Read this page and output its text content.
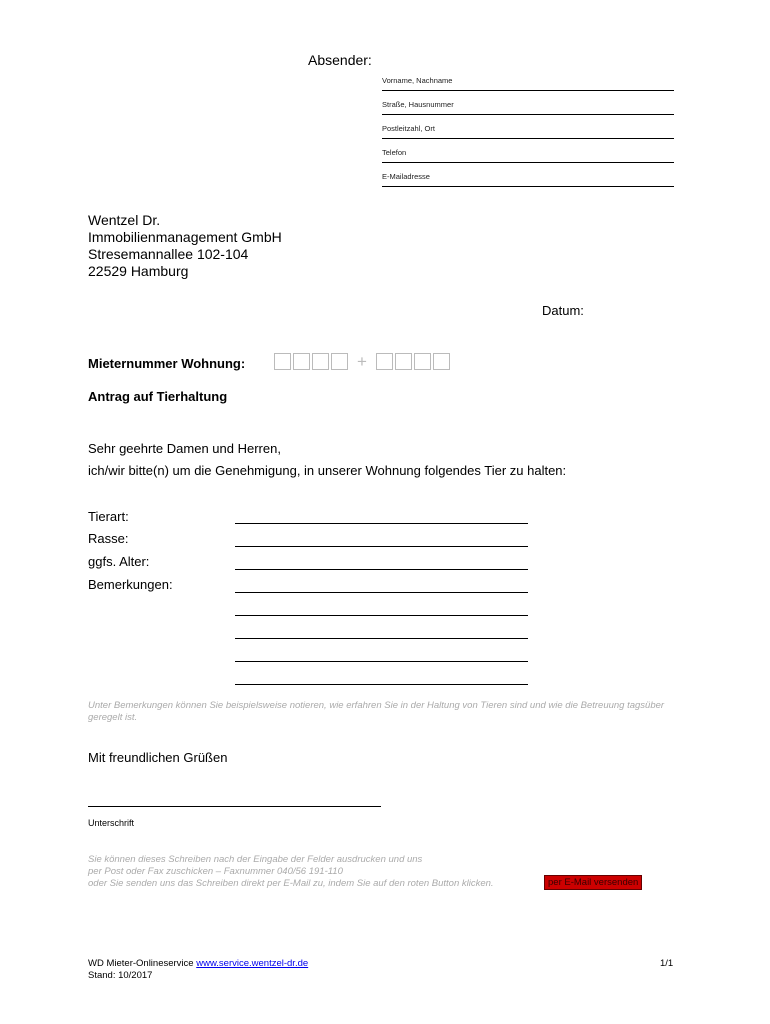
Absender:
Vorname, Nachname
Straße, Hausnummer
Postleitzahl, Ort
Telefon
E-Mailadresse
Wentzel Dr.
Immobilienmanagement GmbH
Stresemannallee 102-104
22529 Hamburg
Datum:
Mieternummer Wohnung:	+
Antrag auf Tierhaltung
Sehr geehrte Damen und Herren,
ich/wir bitte(n) um die Genehmigung, in unserer Wohnung folgendes Tier zu halten:
Tierart:
Rasse:
ggfs. Alter:
Bemerkungen:
Unter Bemerkungen können Sie beispielsweise notieren, wie erfahren Sie in der Haltung von Tieren sind und wie die Betreuung tagsüber geregelt ist.
Mit freundlichen Grüßen
Unterschrift
Sie können dieses Schreiben nach der Eingabe der Felder ausdrucken und uns
per Post oder Fax zuschicken – Faxnummer 040/56 191-110
oder Sie senden uns das Schreiben direkt per E-Mail zu, indem Sie auf den roten Button klicken.	per E-Mail versenden
WD Mieter-Onlineservice www.service.wentzel-dr.de
Stand: 10/2017
1/1
